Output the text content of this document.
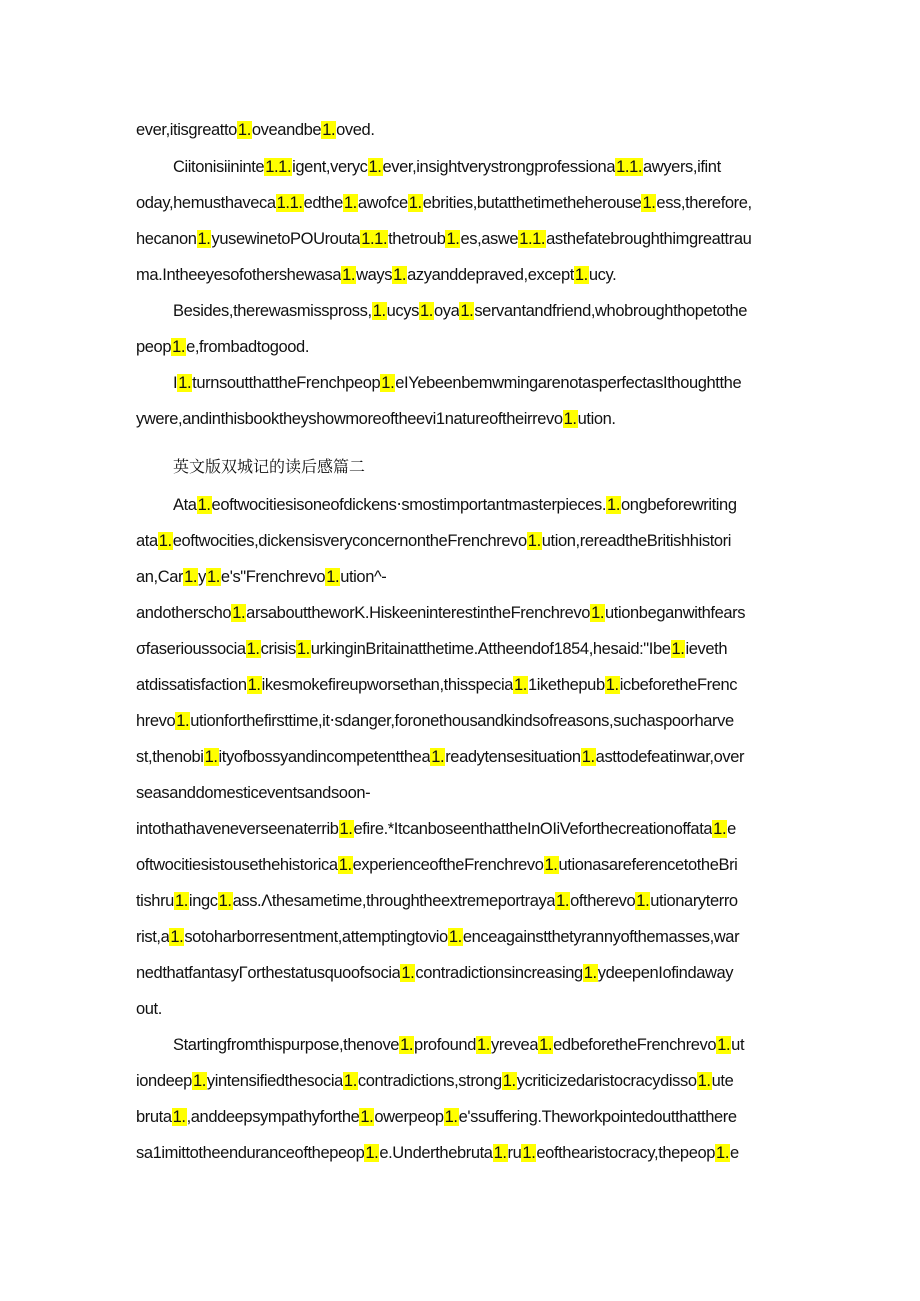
ever,itisgreatto1.oveandbe1.oved.
Ciitonisiininte1.1.igent,veryc1.ever,insightverystrongprofessiona1.1.awyers,ifint
oday,hemusthaveca1.1.edthe1.awofce1.ebrities,butatthetimetheherouse1.ess,therefore,
hecanon1.yusewinetoPOUrouta1.1.thetroub1.es,aswe1.1.asthefatebroughthimgreattrau
ma.Intheeyesofothershewasa1.ways1.azyanddepraved,except1.ucy.
Besides,therewasmisspross,1.ucys1.oya1.servantandfriend,whobroughthopetothe
peop1.e,frombadtogood.
I1.turnsoutthattheFrenchpeop1.eIYebeenbemwmingarenotasperfectasIthoughtthe
ywere,andinthisbooktheyshowmoreoftheevi1natureoftheirrevo1.ution.
英文版双城记的读后感篇二
Ata1.eoftwocitiesisoneofdickens‧smostimportantmasterpieces.1.ongbeforewriting
ata1.eoftwocities,dickensisveryconcernontheFrenchrevo1.ution,rereadtheBritishhistori
an,Car1.y1.e's"Frenchrevo1.ution^-
andotherscho1.arsabouttheworK.HiskeeninterestintheFrenchrevo1.utionbeganwithfears
σfaserioussocia1.crisis1.urkinginBritainatthetime.Attheendof1854,hesaid:"Ibe1.ieveth
atdissatisfaction1.ikesmokefireupworsethan,thisspecia1.1ikethepub1.icbeforetheFrenc
hrevo1.utionforthefirsttime,it‧sdanger,foronethousandkindsofreasons,suchaspoorharve
st,thenobi1.ityofbossyandincompetentthea1.readytensesituation1.asttodefeatinwar,over
seasanddomesticeventsandsoon-
intothathaveneverseenaterrib1.efire.*ItcanboseenthattheInOIiVeforthecreationoffata1.e
oftwocitiesistousethehistorica1.experienceoftheFrenchrevo1.utionasareferencetotheBri
tishru1.ingc1.ass.Λthesametime,throughtheextremeportraya1.oftherevo1.utionaryterro
rist,a1.sotoharborresentment,attemptingtovio1.enceagainstthetyrannyofthemasses,war
nedthatfantasyΓorthestatusquoofsocia1.contradictionsincreasing1.ydeepenIofindaway
out.
Startingfromthispurpose,thenove1.profound1.yrevea1.edbeforetheFrenchrevo1.ut
iondeep1.yintensifiedthesocia1.contradictions,strong1.ycriticizedaristocracydisso1.ute
bruta1.,anddeepsympathyforthe1.owerpeop1.e'ssuffering.Theworkpointedoutthatthere
sa1imittotheenduranceofthepeop1.e.Underthebruta1.ru1.eofthearistocracy,thepeop1.e
